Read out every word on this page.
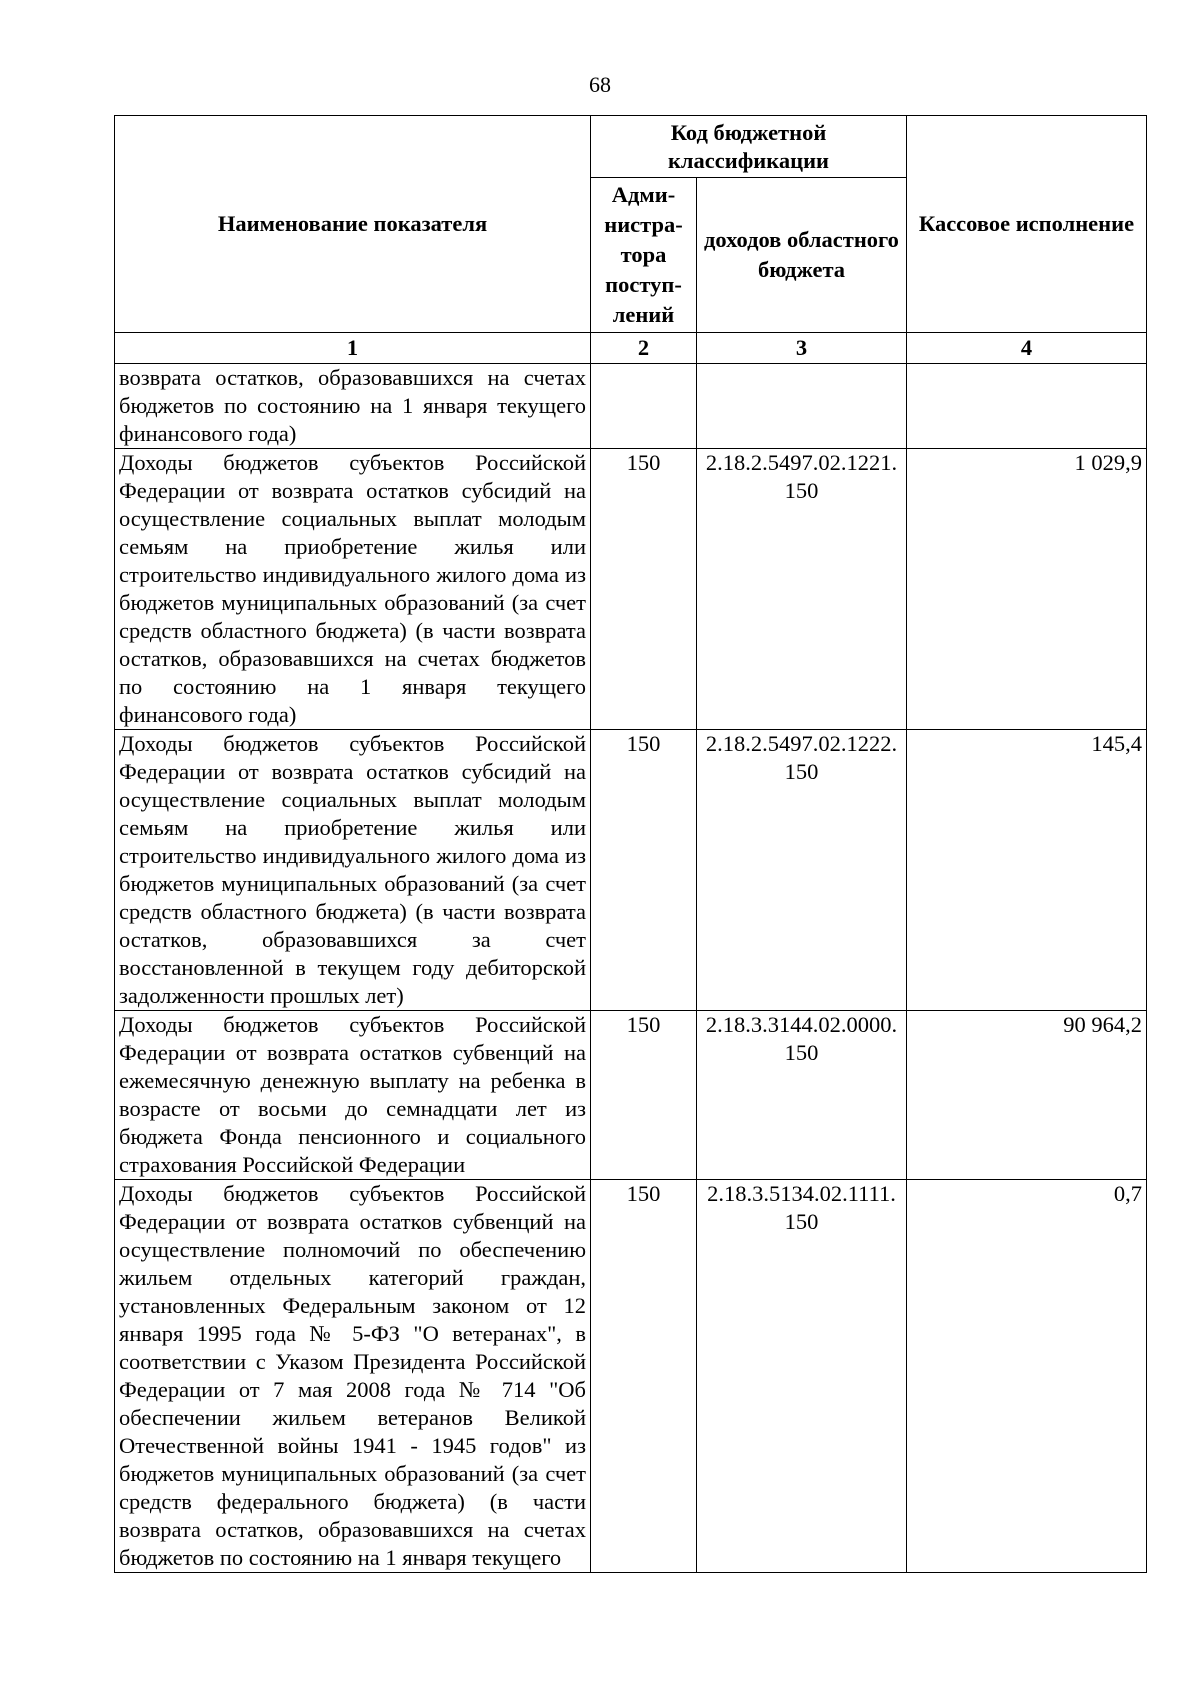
68
Наименование показателя	Код бюджетной классификации		Кассовое исполнение
	Адми-нистра-тора поступ-лений	доходов областного бюджета	
1	2	3	4
возврата остатков, образовавшихся на счетах бюджетов по состоянию на 1 января текущего финансового года)			
Доходы бюджетов субъектов Российской Федерации от возврата остатков субсидий на осуществление социальных выплат молодым семьям на приобретение жилья или строительство индивидуального жилого дома из бюджетов муниципальных образований (за счет средств областного бюджета) (в части возврата остатков, образовавшихся на счетах бюджетов по состоянию на 1 января текущего финансового года)	150	2.18.2.5497.02.1221. 150	1 029,9
Доходы бюджетов субъектов Российской Федерации от возврата остатков субсидий на осуществление социальных выплат молодым семьям на приобретение жилья или строительство индивидуального жилого дома из бюджетов муниципальных образований (за счет средств областного бюджета) (в части возврата остатков, образовавшихся за счет восстановленной в текущем году дебиторской задолженности прошлых лет)	150	2.18.2.5497.02.1222. 150	145,4
Доходы бюджетов субъектов Российской Федерации от возврата остатков субвенций на ежемесячную денежную выплату на ребенка в возрасте от восьми до семнадцати лет из бюджета Фонда пенсионного и социального страхования Российской Федерации	150	2.18.3.3144.02.0000. 150	90 964,2
Доходы бюджетов субъектов Российской Федерации от возврата остатков субвенций на осуществление полномочий по обеспечению жильем отдельных категорий граждан, установленных Федеральным законом от 12 января 1995 года № 5-ФЗ "О ветеранах", в соответствии с Указом Президента Российской Федерации от 7 мая 2008 года № 714 "Об обеспечении жильем ветеранов Великой Отечественной войны 1941 - 1945 годов" из бюджетов муниципальных образований (за счет средств федерального бюджета) (в части возврата остатков, образовавшихся на счетах бюджетов по состоянию на 1 января текущего	150	2.18.3.5134.02.1111. 150	0,7
